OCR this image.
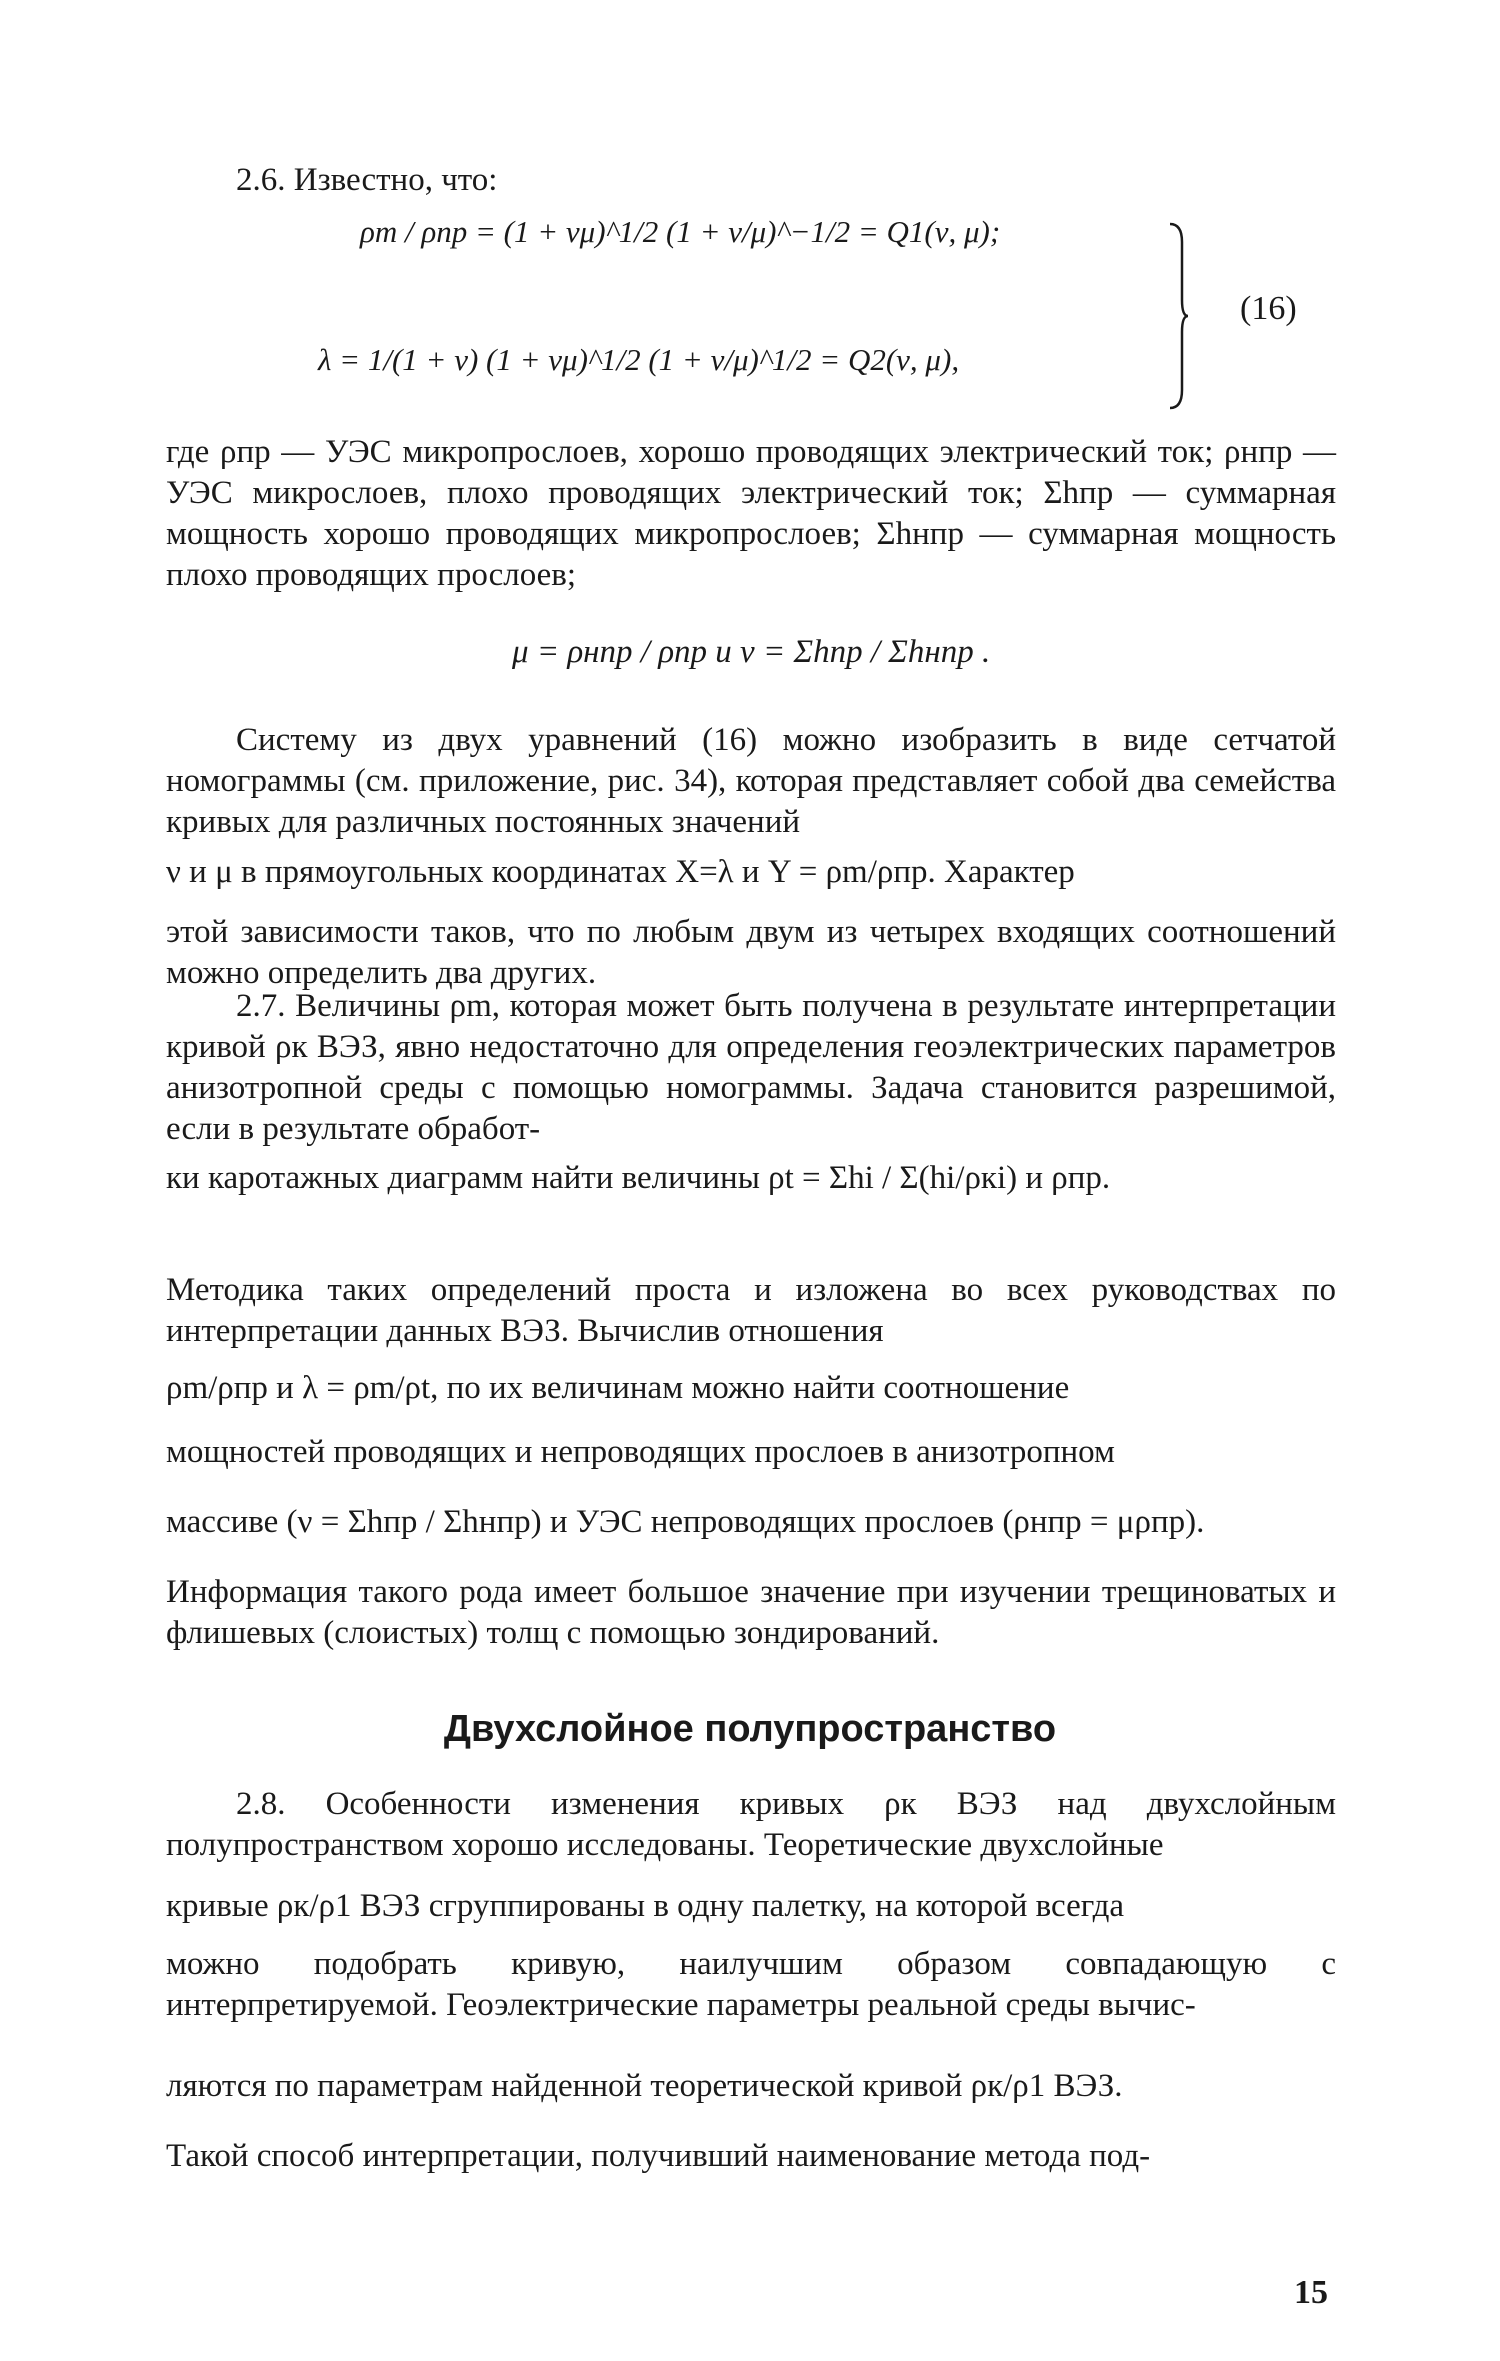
2.6. Известно, что:
ρm / ρпр = (1 + νμ)^1/2 (1 + ν/μ)^−1/2 = Q1(ν, μ);
λ = 1/(1 + ν) (1 + νμ)^1/2 (1 + ν/μ)^1/2 = Q2(ν, μ),
(16)
где ρпр — УЭС микропрослоев, хорошо проводящих электрический ток; ρнпр — УЭС микрослоев, плохо проводящих электрический ток; Σhпр — суммарная мощность хорошо проводящих микропрослоев; Σhнпр — суммарная мощность плохо проводящих прослоев;
μ = ρнпр / ρпр и ν = Σhпр / Σhнпр .
Систему из двух уравнений (16) можно изобразить в виде сетчатой номограммы (см. приложение, рис. 34), которая представляет собой два семейства кривых для различных постоянных значений
ν и μ в прямоугольных координатах X=λ и Y = ρm/ρпр. Характер
этой зависимости таков, что по любым двум из четырех входящих соотношений можно определить два других.
2.7. Величины ρm, которая может быть получена в результате интерпретации кривой ρк ВЭЗ, явно недостаточно для определения геоэлектрических параметров анизотропной среды с помощью номограммы. Задача становится разрешимой, если в результате обработ-
ки каротажных диаграмм найти величины ρt = Σhi / Σ(hi/ρкi) и ρпр.
Методика таких определений проста и изложена во всех руководствах по интерпретации данных ВЭЗ. Вычислив отношения
ρm/ρпр и λ = ρm/ρt, по их величинам можно найти соотношение
мощностей проводящих и непроводящих прослоев в анизотропном
массиве (ν = Σhпр / Σhнпр) и УЭС непроводящих прослоев (ρнпр = μρпр).
Информация такого рода имеет большое значение при изучении трещиноватых и флишевых (слоистых) толщ с помощью зондирований.
Двухслойное полупространство
2.8. Особенности изменения кривых ρк ВЭЗ над двухслойным полупространством хорошо исследованы. Теоретические двухслойные
кривые ρк/ρ1 ВЭЗ сгруппированы в одну палетку, на которой всегда
можно подобрать кривую, наилучшим образом совпадающую с интерпретируемой. Геоэлектрические параметры реальной среды вычис-
ляются по параметрам найденной теоретической кривой ρк/ρ1 ВЭЗ.
Такой способ интерпретации, получивший наименование метода под-
15
